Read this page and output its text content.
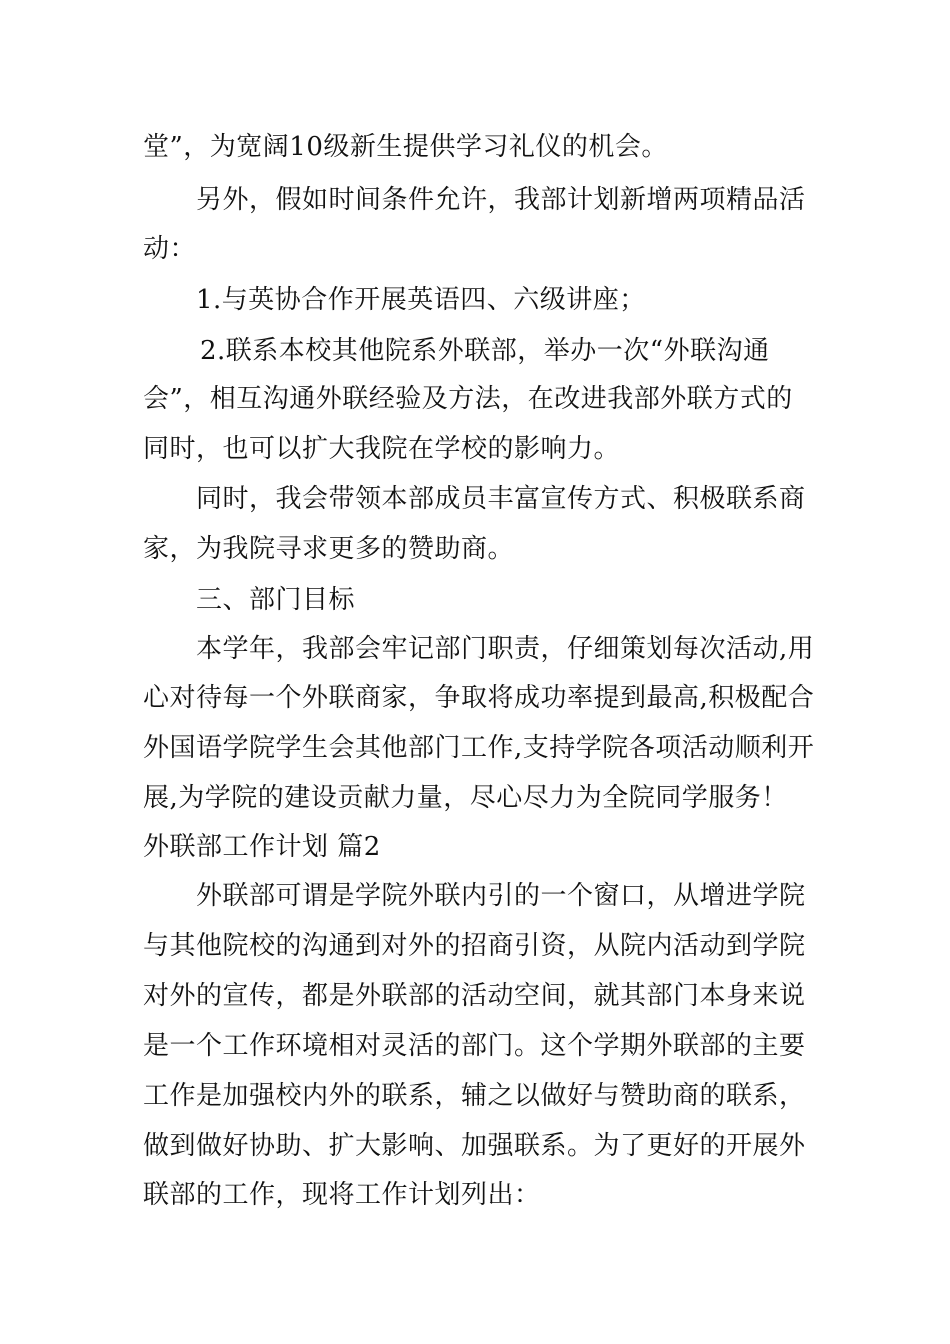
堂”，为宽阔10级新生提供学习礼仪的机会。
另外，假如时间条件允许，我部计划新增两项精品活
动：
1.与英协合作开展英语四、六级讲座；
2.联系本校其他院系外联部，举办一次“外联沟通
会”，相互沟通外联经验及方法，在改进我部外联方式的
同时，也可以扩大我院在学校的影响力。
同时，我会带领本部成员丰富宣传方式、积极联系商
家，为我院寻求更多的赞助商。
三、部门目标
本学年，我部会牢记部门职责，仔细策划每次活动,用
心对待每一个外联商家，争取将成功率提到最高,积极配合
外国语学院学生会其他部门工作,支持学院各项活动顺利开
展,为学院的建设贡献力量，尽心尽力为全院同学服务！
外联部工作计划 篇2
外联部可谓是学院外联内引的一个窗口，从增进学院
与其他院校的沟通到对外的招商引资，从院内活动到学院
对外的宣传，都是外联部的活动空间，就其部门本身来说
是一个工作环境相对灵活的部门。这个学期外联部的主要
工作是加强校内外的联系，辅之以做好与赞助商的联系，
做到做好协助、扩大影响、加强联系。为了更好的开展外
联部的工作，现将工作计划列出：
